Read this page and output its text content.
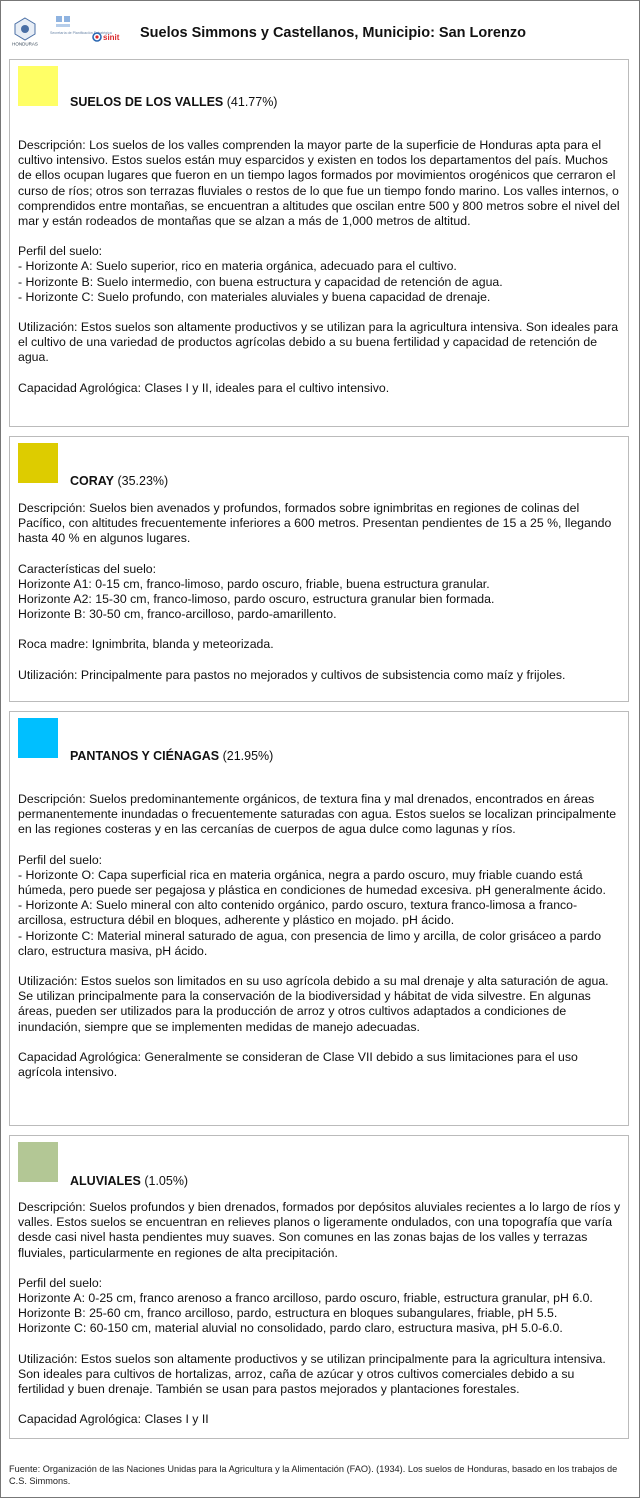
HONDURAS
Secretaría de Planificación Estratégica
sinit Suelos Simmons y Castellanos, Municipio: San Lorenzo
SUELOS DE LOS VALLES (41.77%)

Descripción: Los suelos de los valles comprenden la mayor parte de la superficie de Honduras apta para el cultivo intensivo. Estos suelos están muy esparcidos y existen en todos los departamentos del país. Muchos de ellos ocupan lugares que fueron en un tiempo lagos formados por movimientos orogénicos que cerraron el curso de ríos; otros son terrazas fluviales o restos de lo que fue un tiempo fondo marino. Los valles internos, o comprendidos entre montañas, se encuentran a altitudes que oscilan entre 500 y 800 metros sobre el nivel del mar y están rodeados de montañas que se alzan a más de 1,000 metros de altitud.

Perfil del suelo:
- Horizonte A: Suelo superior, rico en materia orgánica, adecuado para el cultivo.
- Horizonte B: Suelo intermedio, con buena estructura y capacidad de retención de agua.
- Horizonte C: Suelo profundo, con materiales aluviales y buena capacidad de drenaje.

Utilización: Estos suelos son altamente productivos y se utilizan para la agricultura intensiva. Son ideales para el cultivo de una variedad de productos agrícolas debido a su buena fertilidad y capacidad de retención de agua.

Capacidad Agrológica: Clases I y II, ideales para el cultivo intensivo.

CORAY (35.23%)

Descripción: Suelos bien avenados y profundos, formados sobre ignimbritas en regiones de colinas del Pacífico, con altitudes frecuentemente inferiores a 600 metros. Presentan pendientes de 15 a 25 %, llegando hasta 40 % en algunos lugares.

Características del suelo:
Horizonte A1: 0-15 cm, franco-limoso, pardo oscuro, friable, buena estructura granular.
Horizonte A2: 15-30 cm, franco-limoso, pardo oscuro, estructura granular bien formada.
Horizonte B: 30-50 cm, franco-arcilloso, pardo-amarillento.

Roca madre: Ignimbrita, blanda y meteorizada.

Utilización: Principalmente para pastos no mejorados y cultivos de subsistencia como maíz y frijoles.

PANTANOS Y CIÉNAGAS (21.95%)

Descripción: Suelos predominantemente orgánicos, de textura fina y mal drenados, encontrados en áreas permanentemente inundadas o frecuentemente saturadas con agua. Estos suelos se localizan principalmente en las regiones costeras y en las cercanías de cuerpos de agua dulce como lagunas y ríos.

Perfil del suelo:
- Horizonte O: Capa superficial rica en materia orgánica, negra a pardo oscuro, muy friable cuando está húmeda, pero puede ser pegajosa y plástica en condiciones de humedad excesiva. pH generalmente ácido.
- Horizonte A: Suelo mineral con alto contenido orgánico, pardo oscuro, textura franco-limosa a franco-arcillosa, estructura débil en bloques, adherente y plástico en mojado. pH ácido.
- Horizonte C: Material mineral saturado de agua, con presencia de limo y arcilla, de color grisáceo a pardo claro, estructura masiva, pH ácido.

Utilización: Estos suelos son limitados en su uso agrícola debido a su mal drenaje y alta saturación de agua. Se utilizan principalmente para la conservación de la biodiversidad y hábitat de vida silvestre. En algunas áreas, pueden ser utilizados para la producción de arroz y otros cultivos adaptados a condiciones de inundación, siempre que se implementen medidas de manejo adecuadas.

Capacidad Agrológica: Generalmente se consideran de Clase VII debido a sus limitaciones para el uso agrícola intensivo.

ALUVIALES (1.05%)

Descripción: Suelos profundos y bien drenados, formados por depósitos aluviales recientes a lo largo de ríos y valles. Estos suelos se encuentran en relieves planos o ligeramente ondulados, con una topografía que varía desde casi nivel hasta pendientes muy suaves. Son comunes en las zonas bajas de los valles y terrazas fluviales, particularmente en regiones de alta precipitación.

Perfil del suelo:
Horizonte A: 0-25 cm, franco arenoso a franco arcilloso, pardo oscuro, friable, estructura granular, pH 6.0.
Horizonte B: 25-60 cm, franco arcilloso, pardo, estructura en bloques subangulares, friable, pH 5.5.
Horizonte C: 60-150 cm, material aluvial no consolidado, pardo claro, estructura masiva, pH 5.0-6.0.

Utilización: Estos suelos son altamente productivos y se utilizan principalmente para la agricultura intensiva. Son ideales para cultivos de hortalizas, arroz, caña de azúcar y otros cultivos comerciales debido a su fertilidad y buen drenaje. También se usan para pastos mejorados y plantaciones forestales.

Capacidad Agrológica: Clases I y II

Fuente: Organización de las Naciones Unidas para la Agricultura y la Alimentación (FAO). (1934). Los suelos de Honduras, basado en los trabajos de C.S. Simmons.
